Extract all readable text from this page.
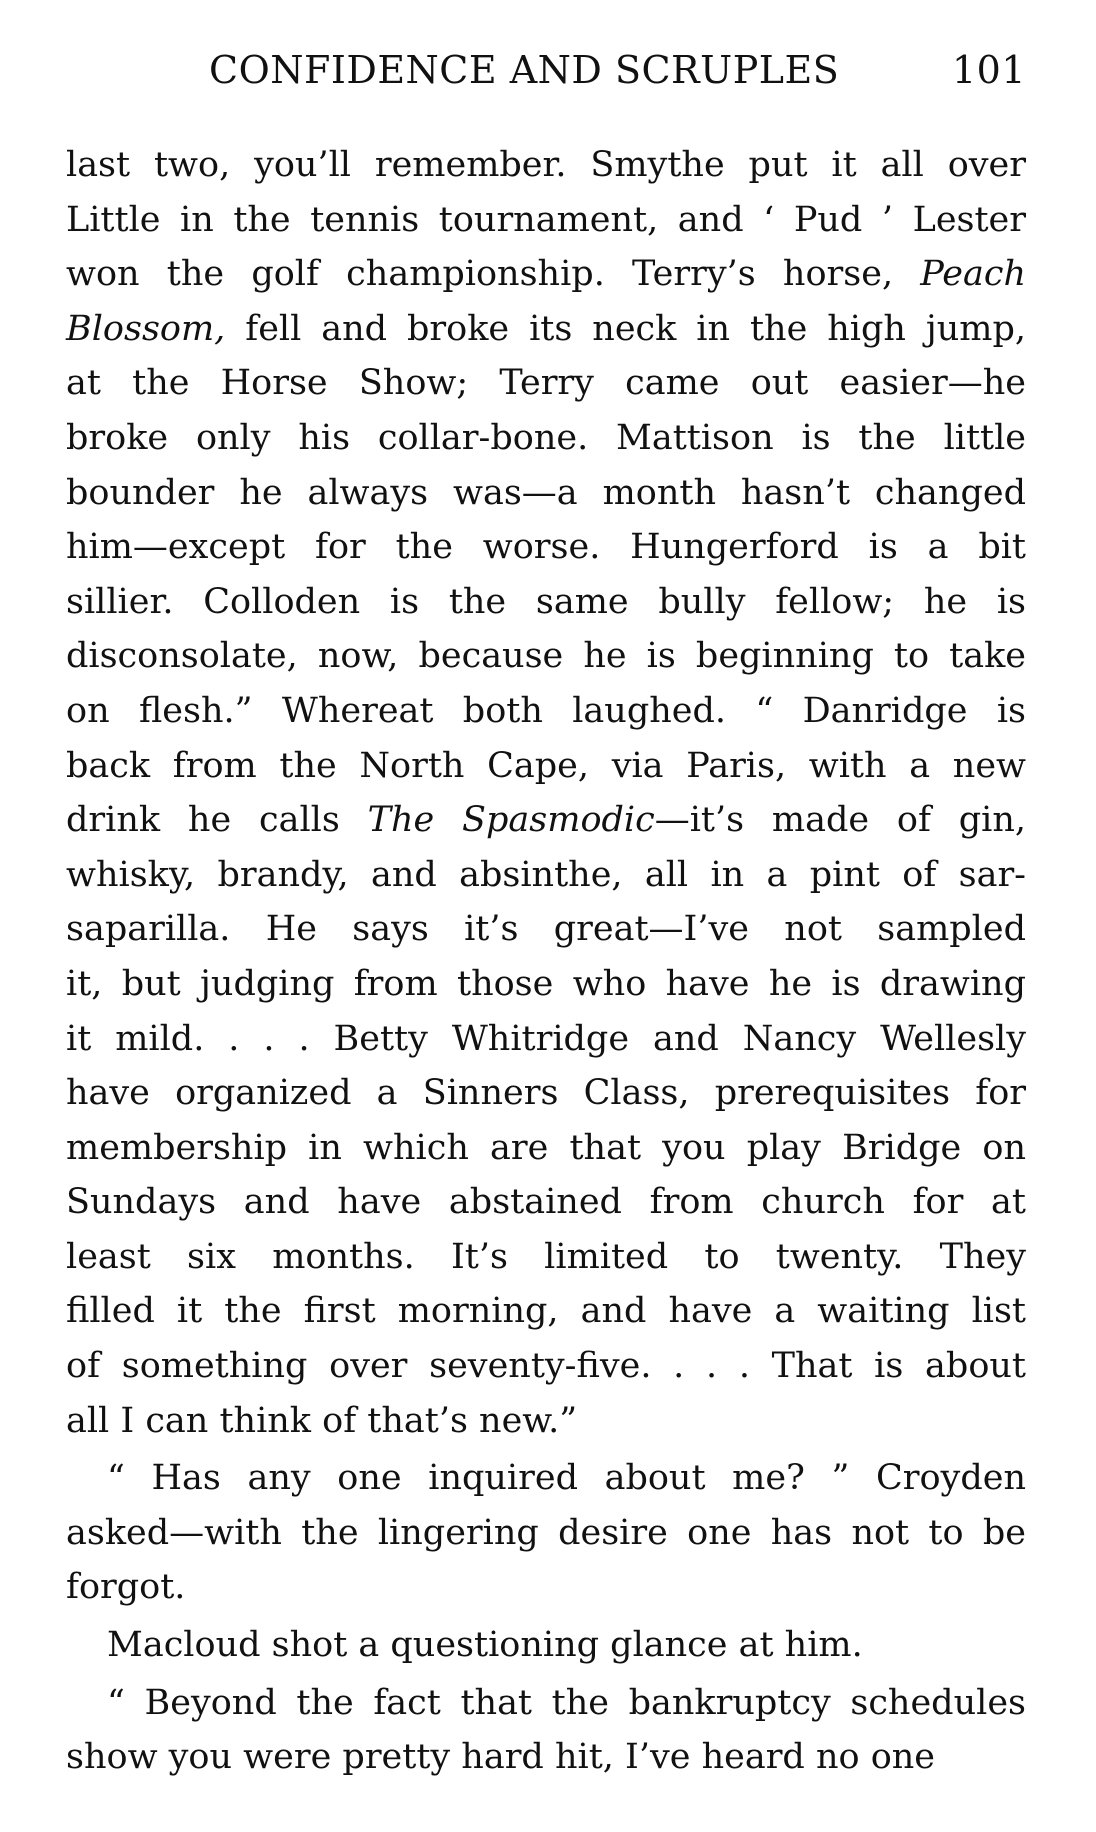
CONFIDENCE AND SCRUPLES	101
last two, you’ll remember. Smythe put it all over
Little in the tennis tournament, and ‘ Pud ’ Lester
won the golf championship. Terry’s horse, Peach
Blossom, fell and broke its neck in the high jump,
at the Horse Show; Terry came out easier—he
broke only his collar-bone. Mattison is the little
bounder he always was—a month hasn’t changed
him—except for the worse. Hungerford is a bit
sillier. Colloden is the same bully fellow; he is
disconsolate, now, because he is beginning to take
on flesh.” Whereat both laughed. “ Danridge is
back from the North Cape, via Paris, with a new
drink he calls The Spasmodic—it’s made of gin,
whisky, brandy, and absinthe, all in a pint of sar-
saparilla. He says it’s great—I’ve not sampled
it, but judging from those who have he is drawing
it mild. . . . Betty Whitridge and Nancy Wellesly
have organized a Sinners Class, prerequisites for
membership in which are that you play Bridge on
Sundays and have abstained from church for at
least six months. It’s limited to twenty. They
filled it the first morning, and have a waiting list
of something over seventy-five. . . . That is about
all I can think of that’s new.”
“ Has any one inquired about me? ” Croyden
asked—with the lingering desire one has not to be
forgot.
Macloud shot a questioning glance at him.
“ Beyond the fact that the bankruptcy schedules
show you were pretty hard hit, I’ve heard no one
